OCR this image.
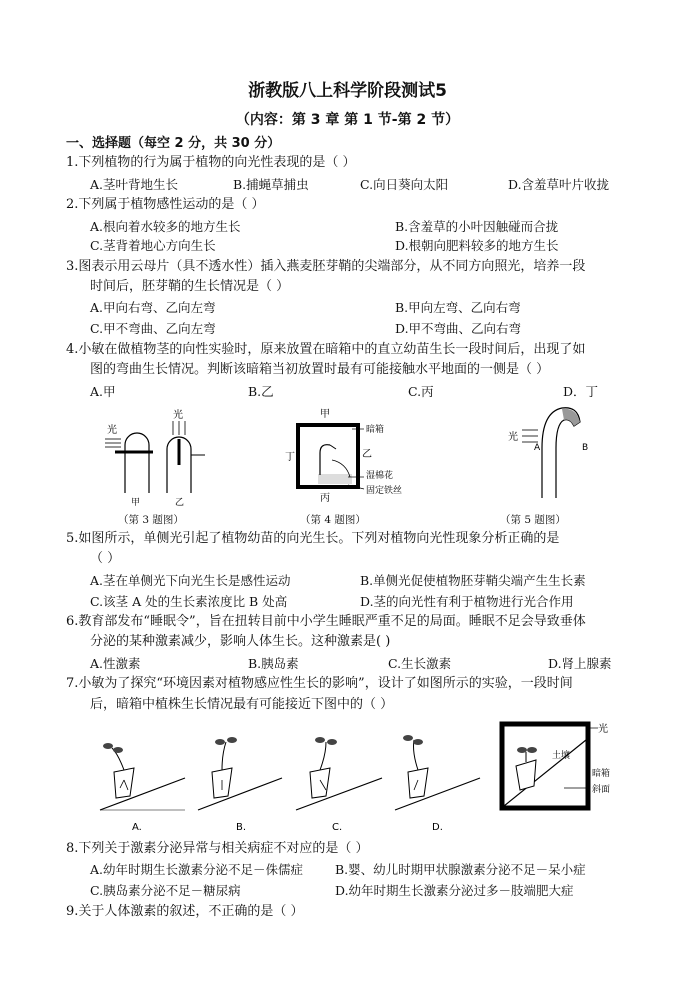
浙教版八上科学阶段测试5
（内容：第 3 章 第 1 节-第 2 节）
一、选择题（每空 2 分，共 30 分）
1.下列植物的行为属于植物的向光性表现的是（ ）
A.茎叶背地生长	B.捕蝇草捕虫	C.向日葵向太阳	D.含羞草叶片收拢
2.下列属于植物感性运动的是（ ）
A.根向着水较多的地方生长	B.含羞草的小叶因触碰而合拢
C.茎背着地心方向生长	D.根朝向肥料较多的地方生长
3.图表示用云母片（具不透水性）插入燕麦胚芽鞘的尖端部分，从不同方向照光，培养一段
时间后，胚芽鞘的生长情况是（ ）
A.甲向右弯、乙向左弯	B.甲向左弯、乙向右弯
C.甲不弯曲、乙向左弯	D.甲不弯曲、乙向右弯
4.小敏在做植物茎的向性实验时，原来放置在暗箱中的直立幼苗生长一段时间后，出现了如
图的弯曲生长情况。判断该暗箱当初放置时最有可能接触水平地面的一侧是（ ）
A.甲	B.乙	C.丙	D．丁
光
光
甲	乙
（第 3 题图）
甲
丁	乙
丙
暗箱
湿棉花
固定铁丝
（第 4 题图）
光
A	B
（第 5 题图）
5.如图所示，单侧光引起了植物幼苗的向光生长。下列对植物向光性现象分析正确的是
（ ）
A.茎在单侧光下向光生长是感性运动	B.单侧光促使植物胚芽鞘尖端产生生长素
C.该茎 A 处的生长素浓度比 B 处高	D.茎的向光性有利于植物进行光合作用
6.教育部发布“睡眠令”，旨在扭转目前中小学生睡眠严重不足的局面。睡眠不足会导致垂体
分泌的某种激素减少，影响人体生长。这种激素是( )
A.性激素	B.胰岛素	C.生长激素	D.肾上腺素
7.小敏为了探究“环境因素对植物感应性生长的影响”，设计了如图所示的实验，一段时间
后，暗箱中植株生长情况最有可能接近下图中的（ ）
A.	B.	C.	D.
光
土壤
暗箱
斜面
8.下列关于激素分泌异常与相关病症不对应的是（ ）
A.幼年时期生长激素分泌不足－侏儒症	B.婴、幼儿时期甲状腺激素分泌不足－呆小症
C.胰岛素分泌不足－糖尿病	D.幼年时期生长激素分泌过多－肢端肥大症
9.关于人体激素的叙述，不正确的是（ ）
